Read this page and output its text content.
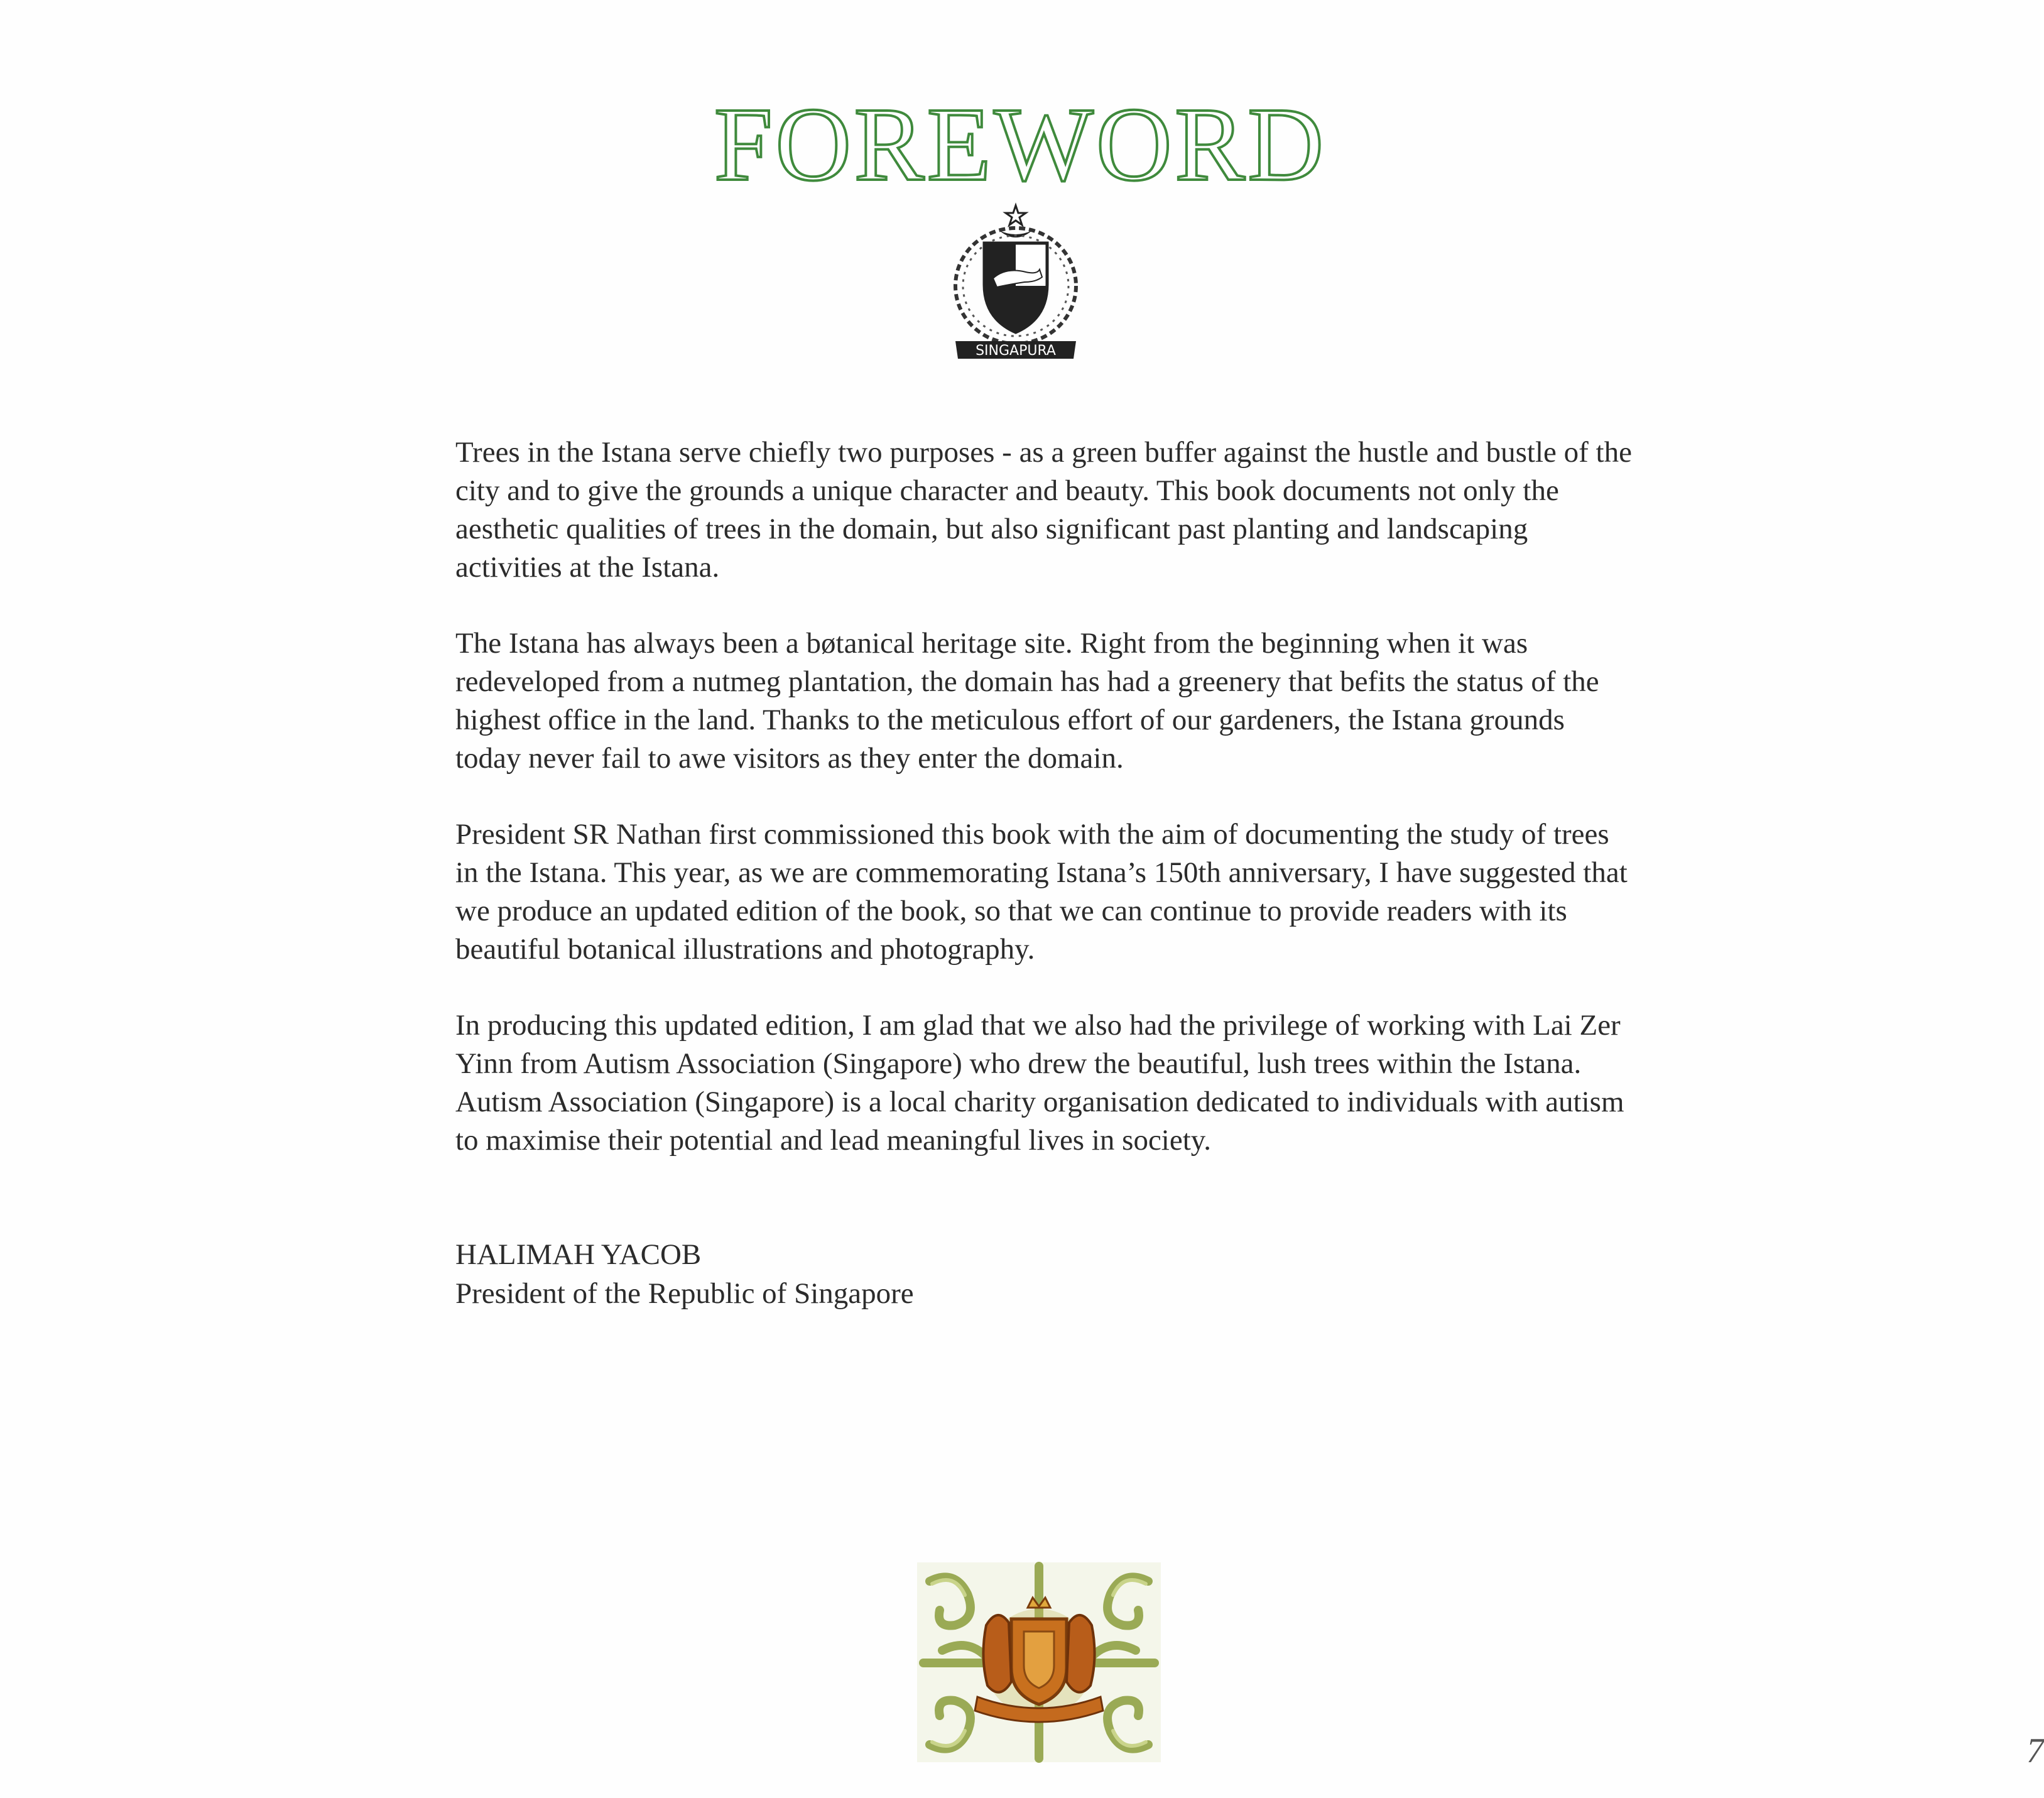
FOREWORD
SINGAPURA

Trees in the Istana serve chiefly two purposes - as a green buffer against the hustle and bustle of the city and to give the grounds a unique character and beauty. This book documents not only the aesthetic qualities of trees in the domain, but also significant past planting and landscaping activities at the Istana.

The Istana has always been a bøtanical heritage site. Right from the beginning when it was redeveloped from a nutmeg plantation, the domain has had a greenery that befits the status of the highest office in the land. Thanks to the meticulous effort of our gardeners, the Istana grounds today never fail to awe visitors as they enter the domain.

President SR Nathan first commissioned this book with the aim of documenting the study of trees in the Istana. This year, as we are commemorating Istana’s 150th anniversary, I have suggested that we produce an updated edition of the book, so that we can continue to provide readers with its beautiful botanical illustrations and photography.

In producing this updated edition, I am glad that we also had the privilege of working with Lai Zer Yinn from Autism Association (Singapore) who drew the beautiful, lush trees within the Istana. Autism Association (Singapore) is a local charity organisation dedicated to individuals with autism to maximise their potential and lead meaningful lives in society.

HALIMAH YACOB
President of the Republic of Singapore
7
